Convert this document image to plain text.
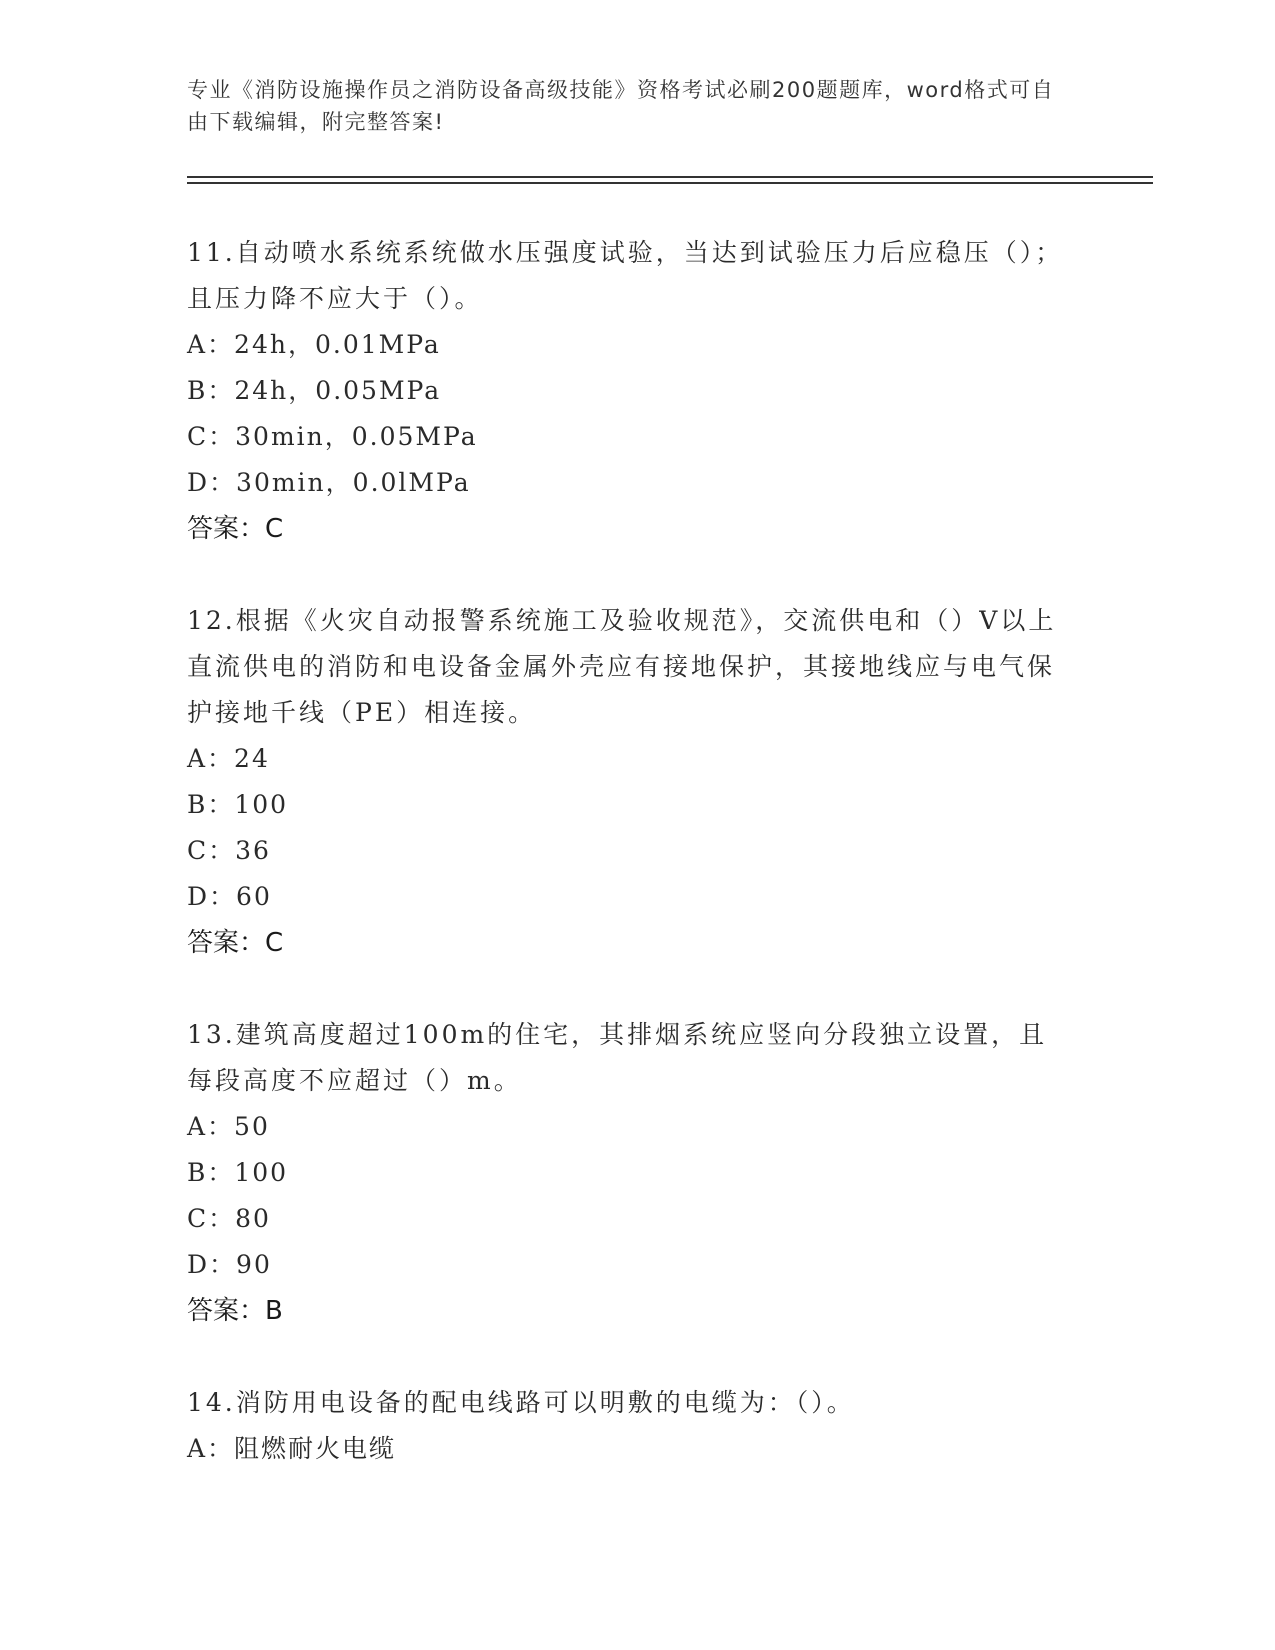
专业《消防设施操作员之消防设备高级技能》资格考试必刷200题题库，word格式可自由下载编辑，附完整答案!
11.自动喷水系统系统做水压强度试验，当达到试验压力后应稳压（）；且压力降不应大于（）。
A：24h，0.01MPa
B：24h，0.05MPa
C：30min，0.05MPa
D：30min，0.0lMPa
答案：C
12.根据《火灾自动报警系统施工及验收规范》，交流供电和（）V以上直流供电的消防和电设备金属外壳应有接地保护，其接地线应与电气保护接地千线（PE）相连接。
A：24
B：100
C：36
D：60
答案：C
13.建筑高度超过100m的住宅，其排烟系统应竖向分段独立设置，且每段高度不应超过（）m。
A：50
B：100
C：80
D：90
答案：B
14.消防用电设备的配电线路可以明敷的电缆为：（）。
A：阻燃耐火电缆
